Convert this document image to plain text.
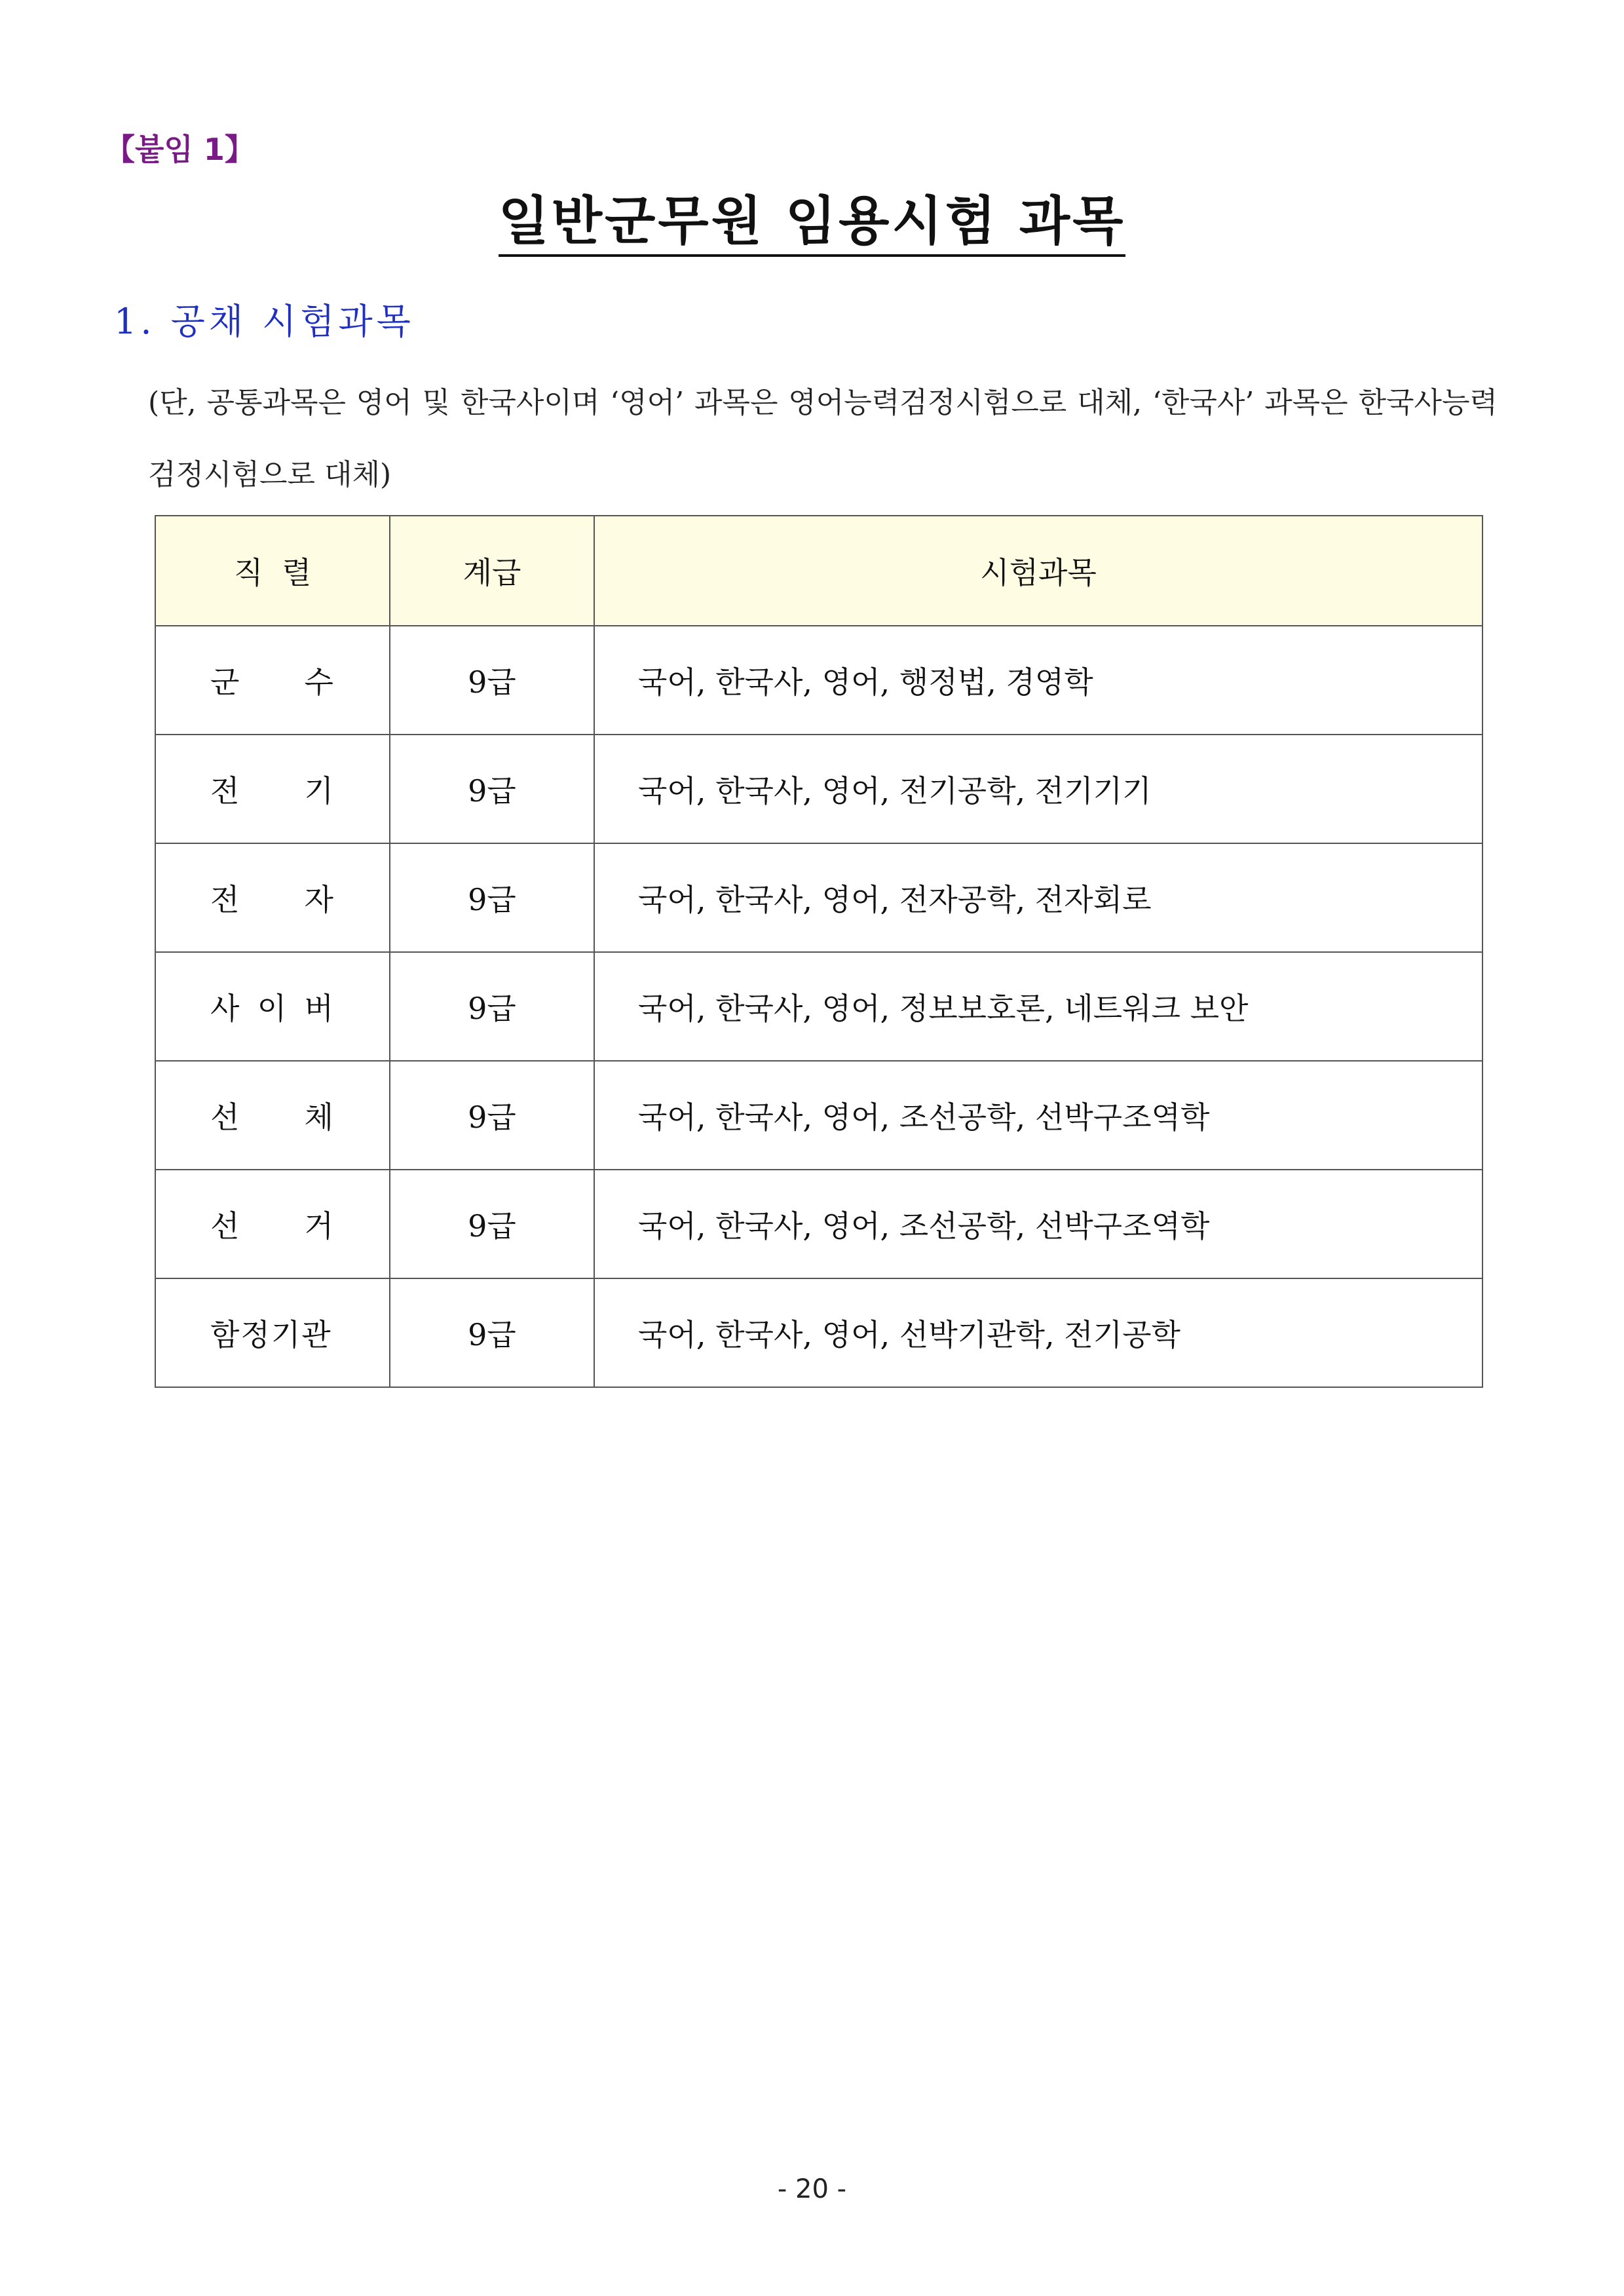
【붙임 1】
일반군무원 임용시험 과목
1. 공채 시험과목
(단, 공통과목은 영어 및 한국사이며 ‘영어’ 과목은 영어능력검정시험으로 대체, ‘한국사’ 과목은 한국사능력검정시험으로 대체)
직  렬	계급	시험과목
군 수	9급	국어, 한국사, 영어, 행정법, 경영학
전 기	9급	국어, 한국사, 영어, 전기공학, 전기기기
전 자	9급	국어, 한국사, 영어, 전자공학, 전자회로
사 이 버	9급	국어, 한국사, 영어, 정보보호론, 네트워크 보안
선 체	9급	국어, 한국사, 영어, 조선공학, 선박구조역학
선 거	9급	국어, 한국사, 영어, 조선공학, 선박구조역학
함정기관	9급	국어, 한국사, 영어, 선박기관학, 전기공학
- 20 -
